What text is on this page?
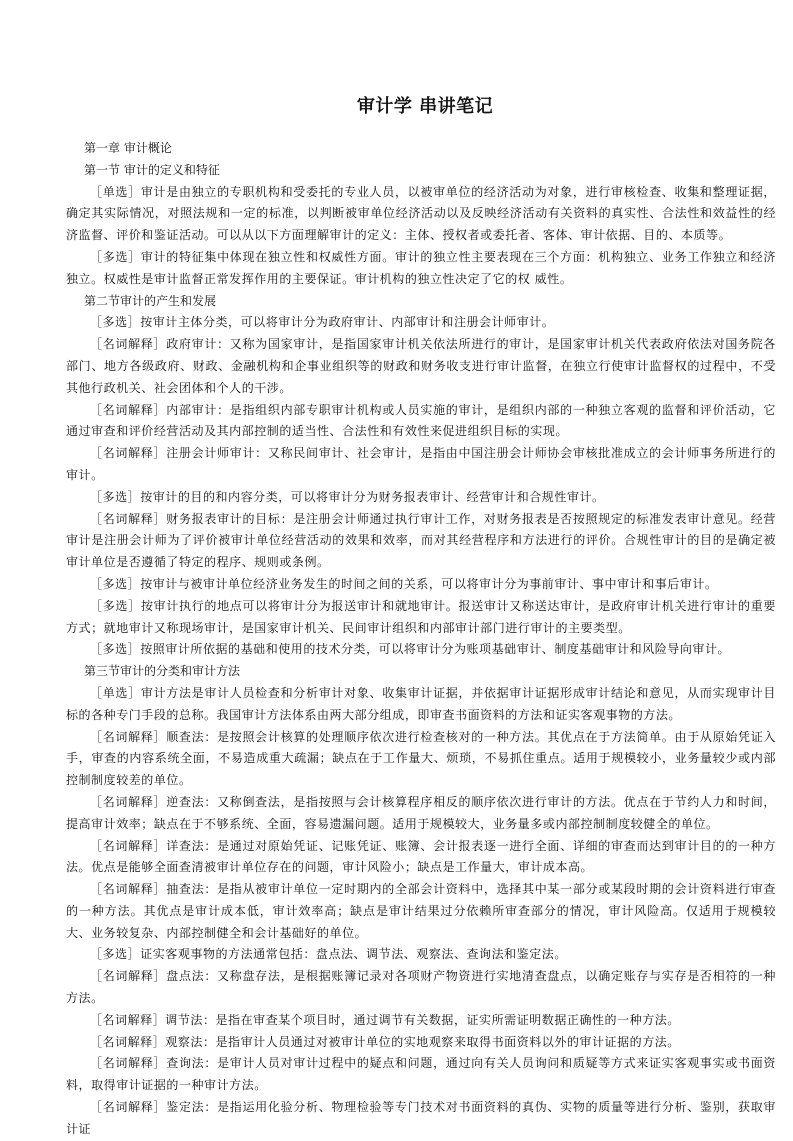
审计学 串讲笔记

第一章 审计概论

第一节 审计的定义和特征

［单选］审计是由独立的专职机构和受委托的专业人员，以被审单位的经济活动为对象，进行审核检查、收集和整理证据，确定其实际情况，对照法规和一定的标准，以判断被审单位经济活动以及反映经济活动有关资料的真实性、合法性和效益性的经济监督、评价和鉴证活动。可以从以下方面理解审计的定义：主体、授权者或委托者、客体、审计依据、目的、本质等。

［多选］审计的特征集中体现在独立性和权威性方面。审计的独立性主要表现在三个方面：机构独立、业务工作独立和经济独立。权威性是审计监督正常发挥作用的主要保证。审计机构的独立性决定了它的权 威性。

第二节审计的产生和发展

［多选］按审计主体分类，可以将审计分为政府审计、内部审计和注册会计师审计。

［名词解释］政府审计：又称为国家审计，是指国家审计机关依法所进行的审计，是国家审计机关代表政府依法对国务院各部门、地方各级政府、财政、金融机构和企事业组织等的财政和财务收支进行审计监督，在独立行使审计监督权的过程中，不受其他行政机关、社会团体和个人的干涉。

［名词解释］内部审计：是指组织内部专职审计机构或人员实施的审计，是组织内部的一种独立客观的监督和评价活动，它通过审查和评价经营活动及其内部控制的适当性、合法性和有效性来促进组织目标的实现。

［名词解释］注册会计师审计：又称民间审计、社会审计，是指由中国注册会计师协会审核批准成立的会计师事务所进行的审计。

［多选］按审计的目的和内容分类，可以将审计分为财务报表审计、经营审计和合规性审计。

［名词解释］财务报表审计的目标：是注册会计师通过执行审计工作，对财务报表是否按照规定的标准发表审计意见。经营审计是注册会计师为了评价被审计单位经营活动的效果和效率，而对其经营程序和方法进行的评价。合规性审计的目的是确定被审计单位是否遵循了特定的程序、规则或条例。

［多选］按审计与被审计单位经济业务发生的时间之间的关系，可以将审计分为事前审计、事中审计和事后审计。

［多选］按审计执行的地点可以将审计分为报送审计和就地审计。报送审计又称送达审计，是政府审计机关进行审计的重要方式；就地审计又称现场审计，是国家审计机关、民间审计组织和内部审计部门进行审计的主要类型。

［多选］按照审计所依据的基础和使用的技术分类，可以将审计分为账项基础审计、制度基础审计和风险导向审计。

第三节审计的分类和审计方法

［单选］审计方法是审计人员检查和分析审计对象、收集审计证据，并依据审计证据形成审计结论和意见，从而实现审计目标的各种专门手段的总称。我国审计方法体系由两大部分组成，即审查书面资料的方法和证实客观事物的方法。

［名词解释］顺查法：是按照会计核算的处理顺序依次进行检查核对的一种方法。其优点在于方法简单。由于从原始凭证入手，审查的内容系统全面，不易造成重大疏漏；缺点在于工作量大、烦琐，不易抓住重点。适用于规模较小，业务量较少或内部控制制度较差的单位。

［名词解释］逆查法：又称倒查法，是指按照与会计核算程序相反的顺序依次进行审计的方法。优点在于节约人力和时间，提高审计效率；缺点在于不够系统、全面，容易遗漏问题。适用于规模较大，业务量多或内部控制制度较健全的单位。

［名词解释］详查法：是通过对原始凭证、记账凭证、账簿、会计报表逐一进行全面、详细的审查而达到审计目的的一种方法。优点是能够全面查清被审计单位存在的问题，审计风险小；缺点是工作量大，审计成本高。

［名词解释］抽查法：是指从被审计单位一定时期内的全部会计资料中，选择其中某一部分或某段时期的会计资料进行审查的一种方法。其优点是审计成本低，审计效率高；缺点是审计结果过分依赖所审查部分的情况，审计风险高。仅适用于规模较大、业务较复杂、内部控制健全和会计基础好的单位。

［多选］证实客观事物的方法通常包括：盘点法、调节法、观察法、查询法和鉴定法。

［名词解释］盘点法：又称盘存法，是根据账簿记录对各项财产物资进行实地清查盘点，以确定账存与实存是否相符的一种方法。

［名词解释］调节法：是指在审查某个项目时，通过调节有关数据，证实所需证明数据正确性的一种方法。

［名词解释］观察法：是指审计人员通过对被审计单位的实地观察来取得书面资料以外的审计证据的方法。

［名词解释］查询法：是审计人员对审计过程中的疑点和问题，通过向有关人员询问和质疑等方式来证实客观事实或书面资料，取得审计证据的一种审计方法。

［名词解释］鉴定法：是指运用化验分析、物理检验等专门技术对书面资料的真伪、实物的质量等进行分析、鉴别，获取审计证
